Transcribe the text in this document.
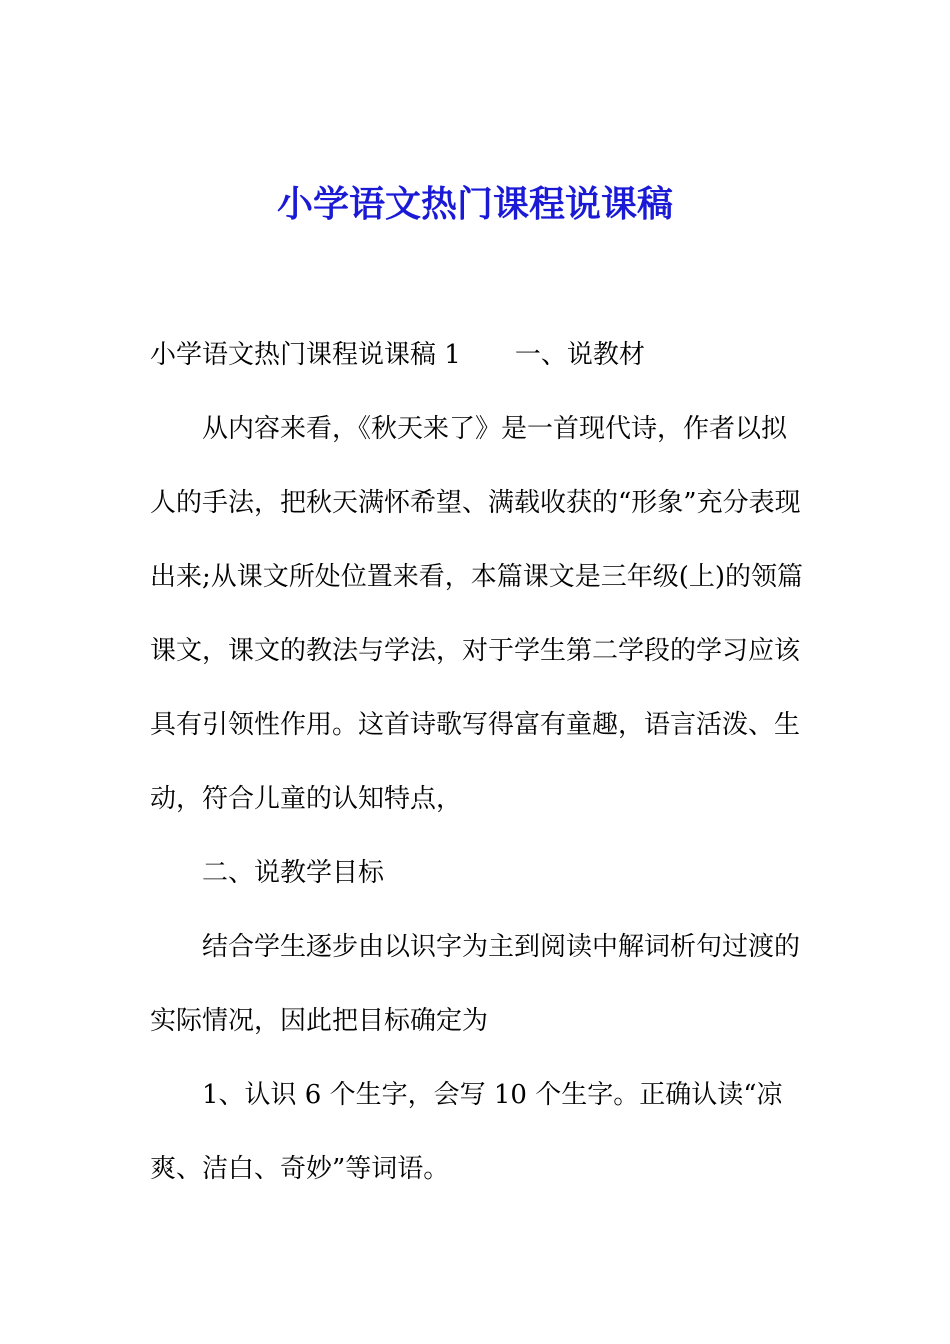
小学语文热门课程说课稿

小学语文热门课程说课稿 1 一、说教材

从内容来看，《秋天来了》是一首现代诗，作者以拟人的手法，把秋天满怀希望、满载收获的“形象”充分表现出来;从课文所处位置来看，本篇课文是三年级(上)的领篇课文，课文的教法与学法，对于学生第二学段的学习应该具有引领性作用。这首诗歌写得富有童趣，语言活泼、生动，符合儿童的认知特点，

二、说教学目标

结合学生逐步由以识字为主到阅读中解词析句过渡的实际情况，因此把目标确定为

1、认识 6 个生字，会写 10 个生字。正确认读“凉爽、洁白、奇妙”等词语。
